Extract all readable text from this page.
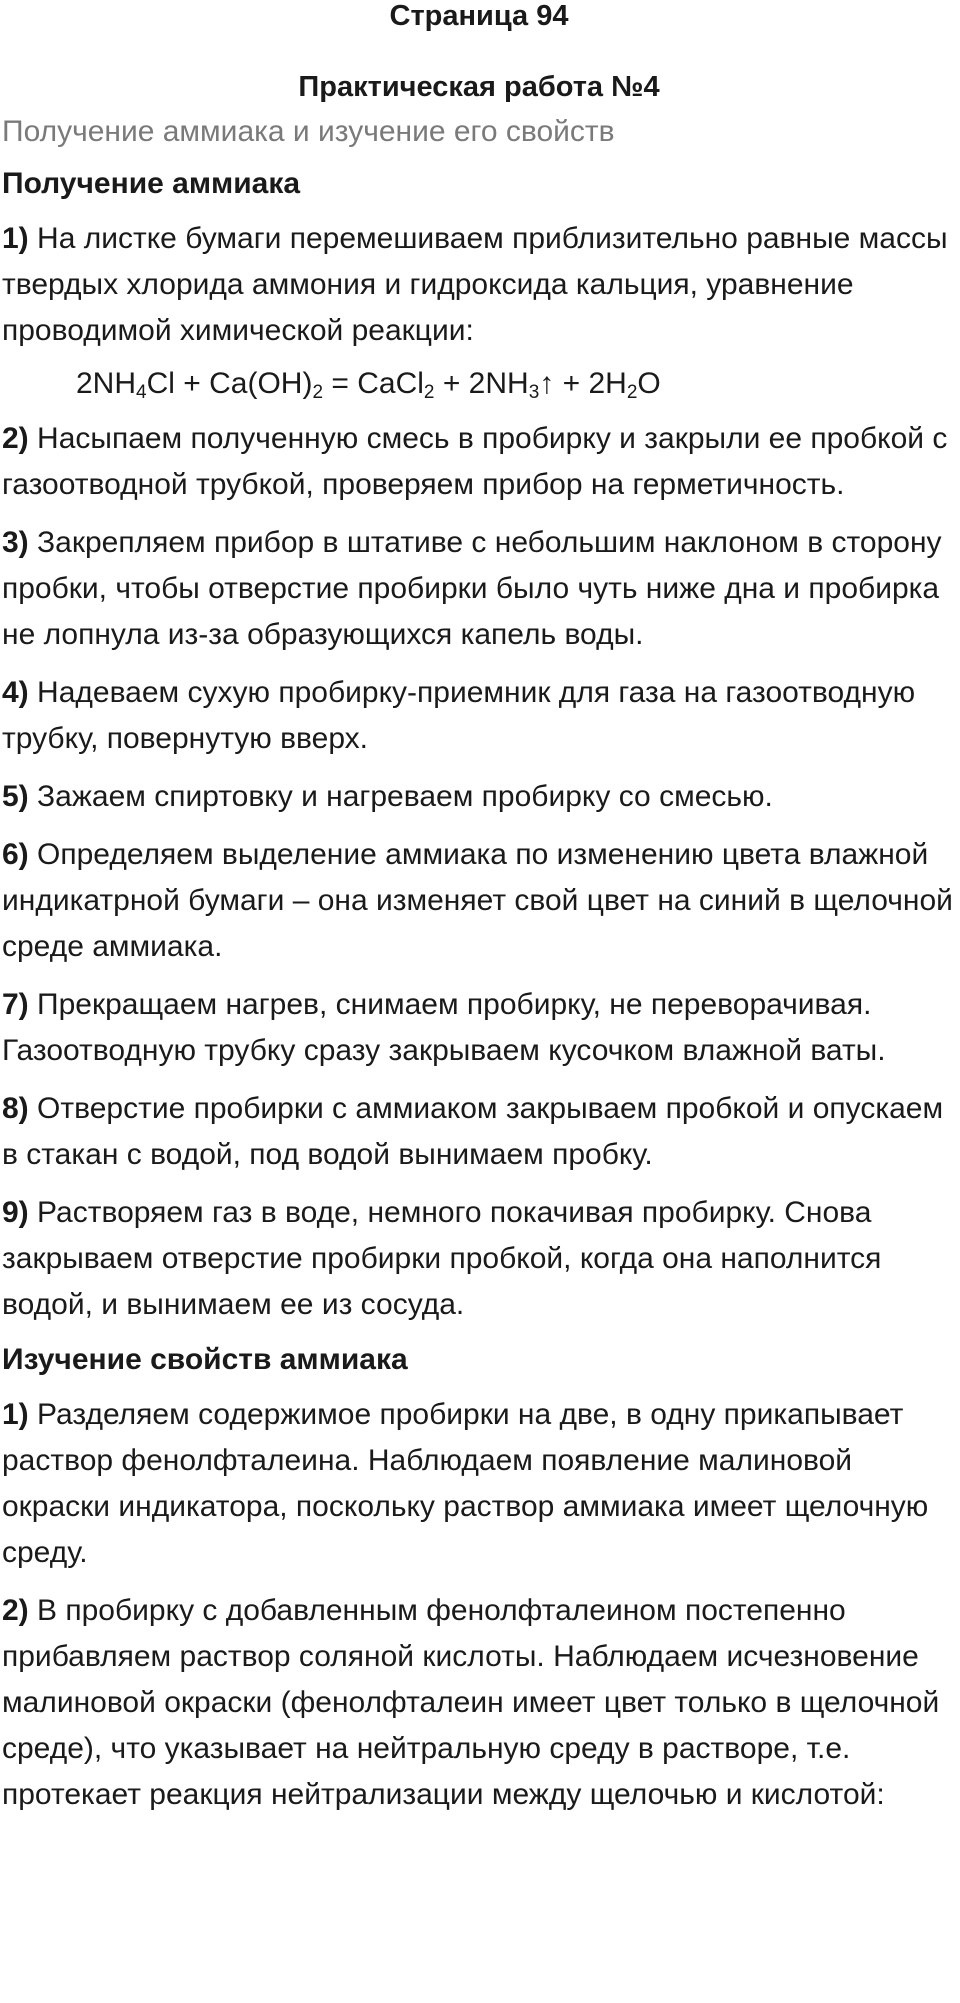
Страница 94
Практическая работа №4

Получение аммиака и изучение его свойств

Получение аммиака

1) На листке бумаги перемешиваем приблизительно равные массы твердых хлорида аммония и гидроксида кальция, уравнение проводимой химической реакции:

$2NH_4Cl + Ca(OH)_2$ = CaCl$_2$ + $2NH_3↑ + 2H_2O$

2) Насыпаем полученную смесь в пробирку и закрыли ее пробкой с газоотводной трубкой, проверяем прибор на герметичность.

3) Закрепляем прибор в штативе с небольшим наклоном в сторону пробки, чтобы отверстие пробирки было чуть ниже дна и пробирка не лопнула из-за образующихся капель воды.

4) Надеваем сухую пробирку-приемник для газа на газоотводную трубку, повернутую вверх.

5) Зажаем спиртовку и нагреваем пробирку со смесью.

6) Определяем выделение аммиака по изменению цвета влажной индикатрной бумаги – она изменяет свой цвет на синий в щелочной среде аммиака.

7) Прекращаем нагрев, снимаем пробирку, не переворачивая. Газоотводную трубку сразу закрываем кусочком влажной ваты.

8) Отверстие пробирки с аммиаком закрываем пробкой и опускаем в стакан с водой, под водой вынимаем пробку.

9) Растворяем газ в воде, немного покачивая пробирку. Снова закрываем отверстие пробирки пробкой, когда она наполнится водой, и вынимаем ее из сосуда.

Изучение свойств аммиака

1) Разделяем содержимое пробирки на две, в одну прикапывает раствор фенолфталеина. Наблюдаем появление малиновой окраски индикатора, поскольку раствор аммиака имеет щелочную среду.

2) В пробирку с добавленным фенолфталеином постепенно прибавляем раствор соляной кислоты. Наблюдаем исчезновение малиновой окраски (фенолфталеин имеет цвет только в щелочной среде), что указывает на нейтральную среду в растворе, т.е. протекает реакция нейтрализации между щелочью и кислотой:
